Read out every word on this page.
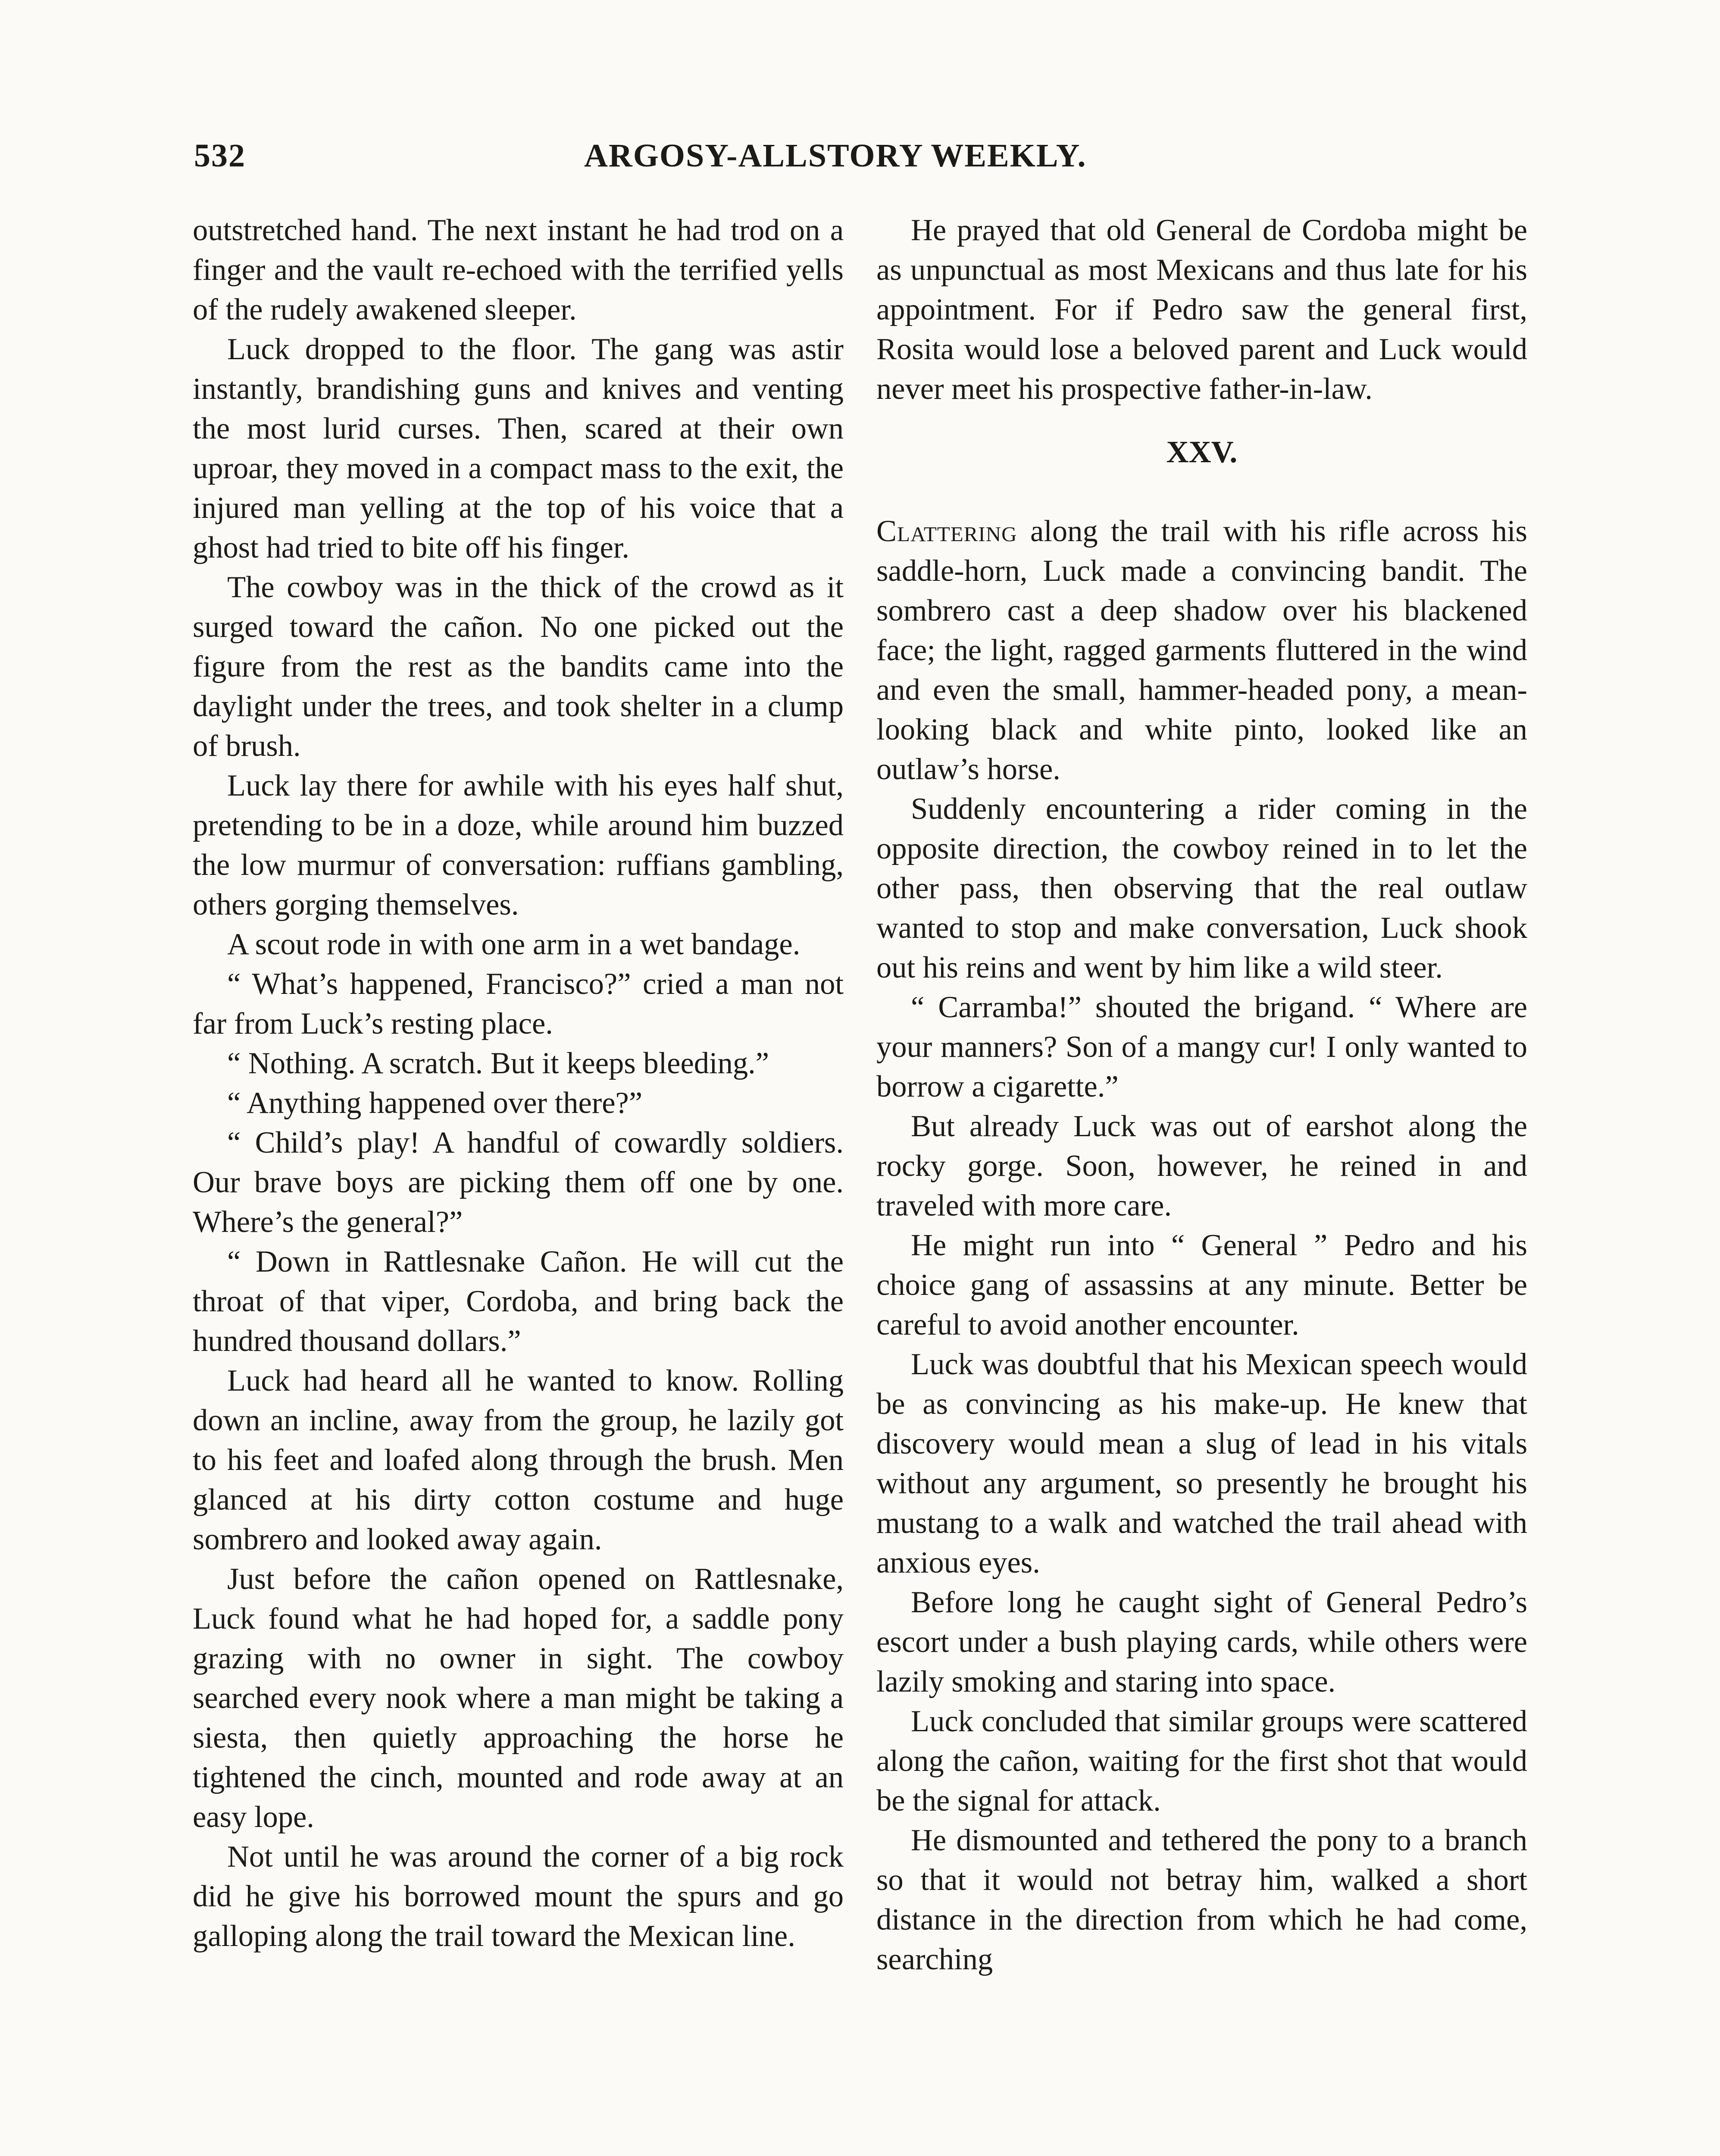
532	ARGOSY-ALLSTORY WEEKLY.

outstretched hand. The next instant he had trod on a finger and the vault re-echoed with the terrified yells of the rudely awakened sleeper.

Luck dropped to the floor. The gang was astir instantly, brandishing guns and knives and venting the most lurid curses. Then, scared at their own uproar, they moved in a compact mass to the exit, the injured man yelling at the top of his voice that a ghost had tried to bite off his finger.

The cowboy was in the thick of the crowd as it surged toward the cañon. No one picked out the figure from the rest as the bandits came into the daylight under the trees, and took shelter in a clump of brush.

Luck lay there for awhile with his eyes half shut, pretending to be in a doze, while around him buzzed the low murmur of conversation: ruffians gambling, others gorging themselves.

A scout rode in with one arm in a wet bandage.

“ What’s happened, Francisco?” cried a man not far from Luck’s resting place.

“ Nothing. A scratch. But it keeps bleeding.”

“ Anything happened over there?”

“ Child’s play! A handful of cowardly soldiers. Our brave boys are picking them off one by one. Where’s the general?”

“ Down in Rattlesnake Cañon. He will cut the throat of that viper, Cordoba, and bring back the hundred thousand dollars.”

Luck had heard all he wanted to know. Rolling down an incline, away from the group, he lazily got to his feet and loafed along through the brush. Men glanced at his dirty cotton costume and huge sombrero and looked away again.

Just before the cañon opened on Rattlesnake, Luck found what he had hoped for, a saddle pony grazing with no owner in sight. The cowboy searched every nook where a man might be taking a siesta, then quietly approaching the horse he tightened the cinch, mounted and rode away at an easy lope.

Not until he was around the corner of a big rock did he give his borrowed mount the spurs and go galloping along the trail toward the Mexican line.

He prayed that old General de Cordoba might be as unpunctual as most Mexicans and thus late for his appointment. For if Pedro saw the general first, Rosita would lose a beloved parent and Luck would never meet his prospective father-in-law.

XXV.

Clattering along the trail with his rifle across his saddle-horn, Luck made a convincing bandit. The sombrero cast a deep shadow over his blackened face; the light, ragged garments fluttered in the wind and even the small, hammer-headed pony, a mean-looking black and white pinto, looked like an outlaw’s horse.

Suddenly encountering a rider coming in the opposite direction, the cowboy reined in to let the other pass, then observing that the real outlaw wanted to stop and make conversation, Luck shook out his reins and went by him like a wild steer.

“ Carramba!” shouted the brigand. “ Where are your manners? Son of a mangy cur! I only wanted to borrow a cigarette.”

But already Luck was out of earshot along the rocky gorge. Soon, however, he reined in and traveled with more care.

He might run into “ General ” Pedro and his choice gang of assassins at any minute. Better be careful to avoid another encounter.

Luck was doubtful that his Mexican speech would be as convincing as his make-up. He knew that discovery would mean a slug of lead in his vitals without any argument, so presently he brought his mustang to a walk and watched the trail ahead with anxious eyes.

Before long he caught sight of General Pedro’s escort under a bush playing cards, while others were lazily smoking and staring into space.

Luck concluded that similar groups were scattered along the cañon, waiting for the first shot that would be the signal for attack.

He dismounted and tethered the pony to a branch so that it would not betray him, walked a short distance in the direction from which he had come, searching
